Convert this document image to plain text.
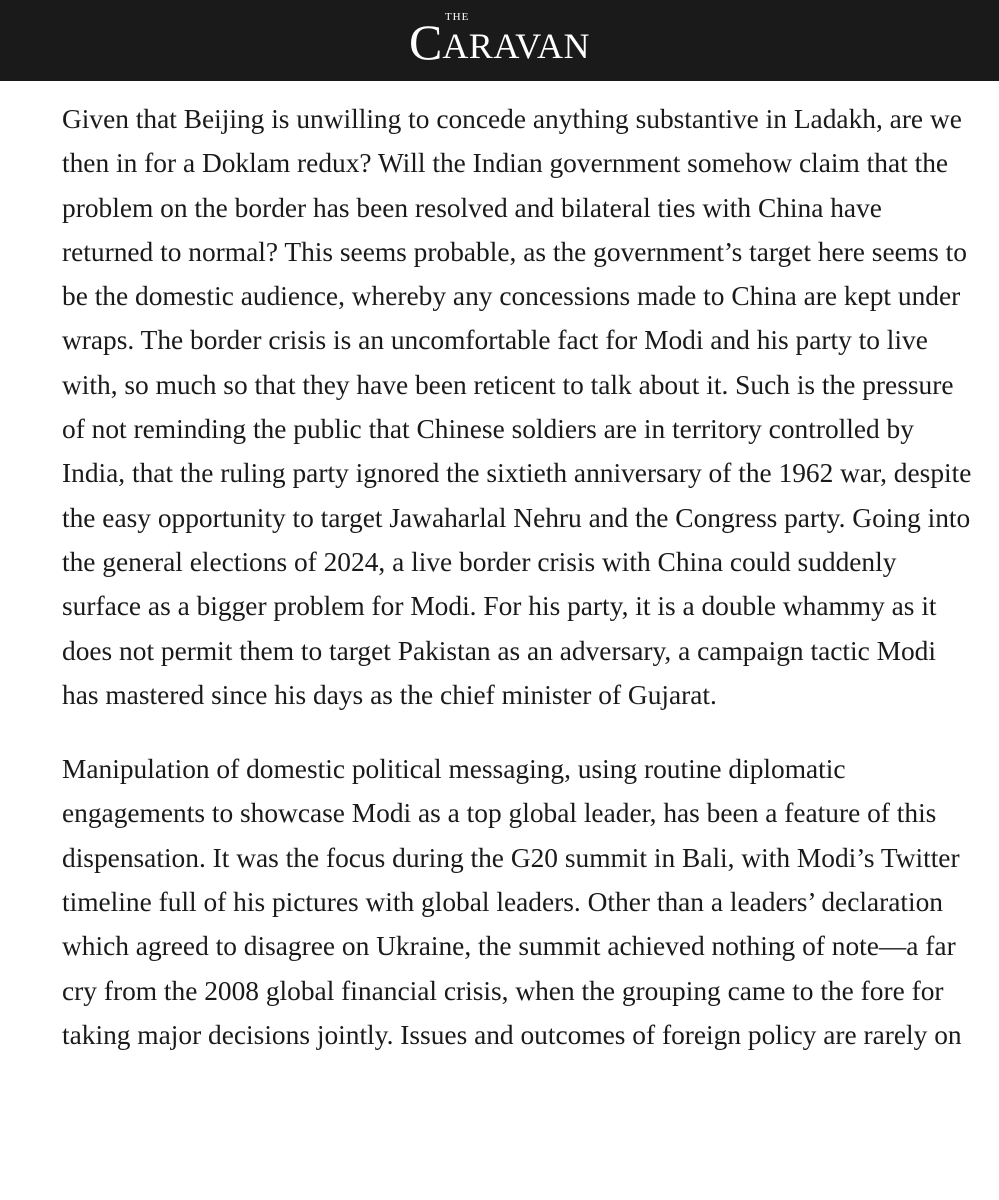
THE
C ARAVAN

Given that Beijing is unwilling to concede anything substantive in Ladakh, are we then in for a Doklam redux? Will the Indian government somehow claim that the problem on the border has been resolved and bilateral ties with China have returned to normal? This seems probable, as the government’s target here seems to be the domestic audience, whereby any concessions made to China are kept under wraps. The border crisis is an uncomfortable fact for Modi and his party to live with, so much so that they have been reticent to talk about it. Such is the pressure of not reminding the public that Chinese soldiers are in territory controlled by India, that the ruling party ignored the sixtieth anniversary of the 1962 war, despite the easy opportunity to target Jawaharlal Nehru and the Congress party. Going into the general elections of 2024, a live border crisis with China could suddenly surface as a bigger problem for Modi. For his party, it is a double whammy as it does not permit them to target Pakistan as an adversary, a campaign tactic Modi has mastered since his days as the chief minister of Gujarat.

Manipulation of domestic political messaging, using routine diplomatic engagements to showcase Modi as a top global leader, has been a feature of this dispensation. It was the focus during the G20 summit in Bali, with Modi’s Twitter timeline full of his pictures with global leaders. Other than a leaders’ declaration which agreed to disagree on Ukraine, the summit achieved nothing of note—a far cry from the 2008 global financial crisis, when the grouping came to the fore for taking major decisions jointly. Issues and outcomes of foreign policy are rarely on
